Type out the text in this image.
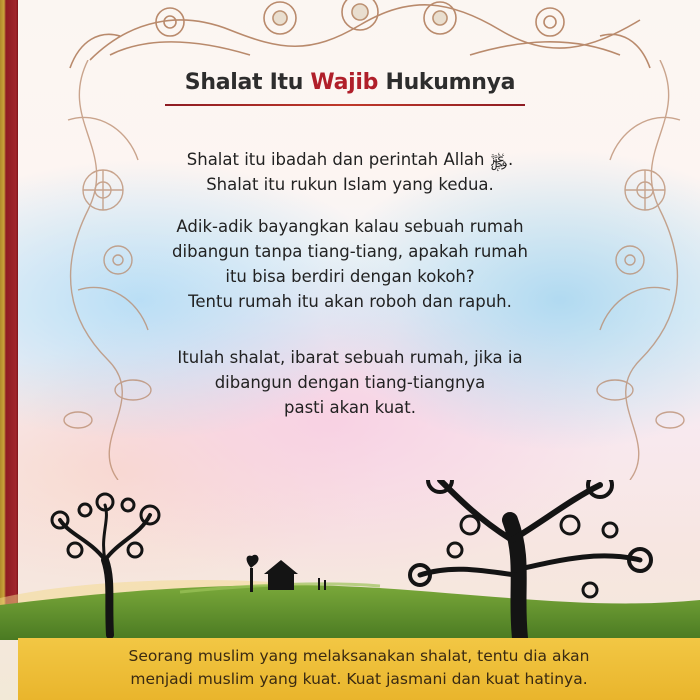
Shalat Itu Wajib Hukumnya
Shalat itu ibadah dan perintah Allah ﷿.
Shalat itu rukun Islam yang kedua.
Adik-adik bayangkan kalau sebuah rumah
dibangun tanpa tiang-tiang, apakah rumah
itu bisa berdiri dengan kokoh?
Tentu rumah itu akan roboh dan rapuh.
Itulah shalat, ibarat sebuah rumah, jika ia
dibangun dengan tiang-tiangnya
pasti akan kuat.
Seorang muslim yang melaksanakan shalat, tentu dia akan
menjadi muslim yang kuat. Kuat jasmani dan kuat hatinya.
